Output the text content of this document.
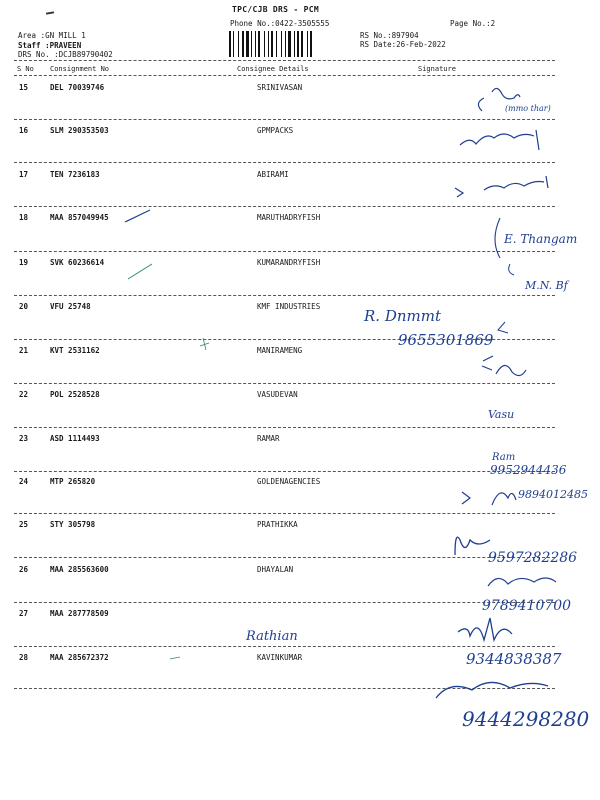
TPC/CJB DRS - PCM
Phone No.:0422-3505555	Page No.:2
Area :GN MILL 1
Staff :PRAVEEN
DRS No. :DCJB89790402
RS No.:897904
RS Date:26-Feb-2022
S No Consignment No	Consignee Details	Signature
15	DEL 70039746	SRINIVASAN
16	SLM 290353503	GPMPACKS
17	TEN 7236183	ABIRAMI
18	MAA 857049945	MARUTHADRYFISH
19	SVK 60236614	KUMARANDRYFISH
20	VFU 25748	KMF INDUSTRIES
21	KVT 2531162	MANIRAMENG
22	POL 2528528	VASUDEVAN
23	ASD 1114493	RAMAR
24	MTP 265820	GOLDENAGENCIES
25	STY 305798	PRATHIKKA
26	MAA 285563600	DHAYALAN
27	MAA 287778509
28	MAA 285672372	KAVINKUMAR
(mmo thar)
E. Thangam
M.N. Bf
R. Dnmmt
9655301869
Vasu
Ram
9952944436
9894012485
9597282286
9789410700
Rathian
9344838387
9444298280
